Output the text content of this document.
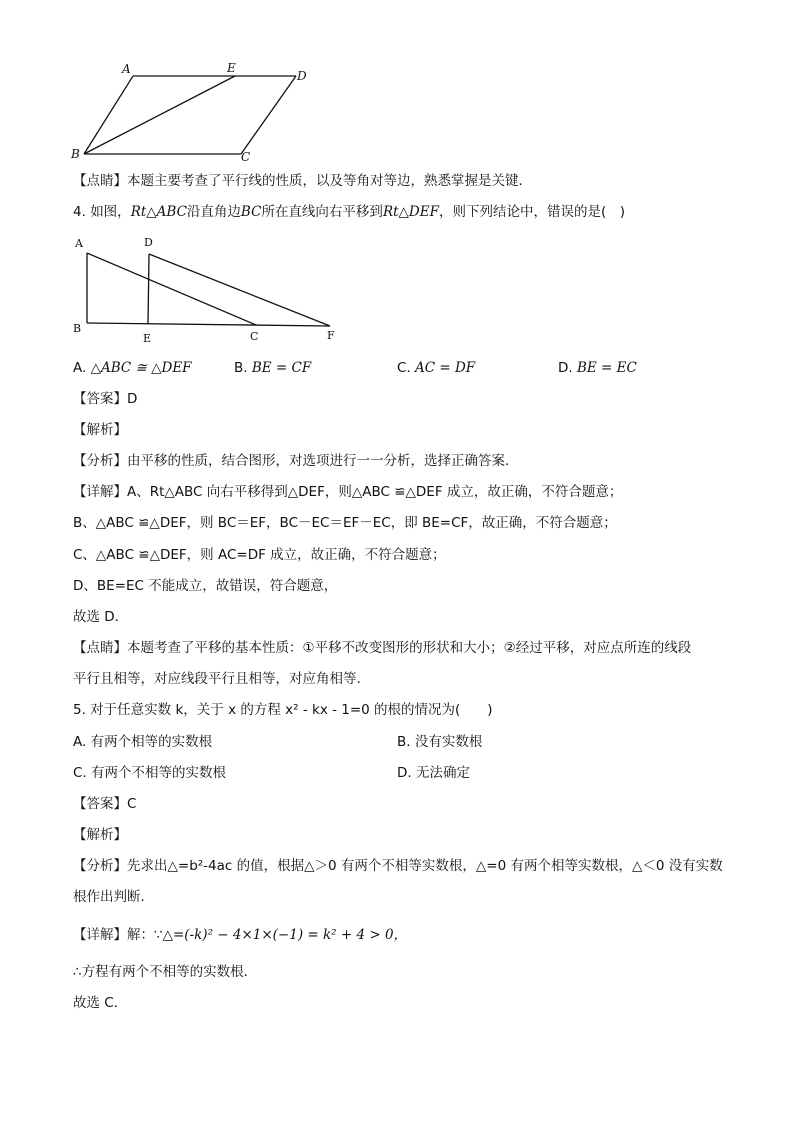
A	E
D
B	C
【点睛】本题主要考查了平行线的性质，以及等角对等边，熟悉掌握是关键．
4. 如图，Rt△ABC沿直角边BC所在直线向右平移到Rt△DEF，则下列结论中，错误的是(　)
A	D
B
E	C	F
A. △ABC ≅ △DEF	B. BE = CF	C. AC = DF	D. BE = EC
【答案】D
【解析】
【分析】由平移的性质，结合图形，对选项进行一一分析，选择正确答案．
【详解】A、Rt△ABC 向右平移得到△DEF，则△ABC ≌△DEF 成立，故正确，不符合题意；
B、△ABC ≌△DEF，则 BC＝EF，BC－EC＝EF－EC，即 BE=CF，故正确，不符合题意；
C、△ABC ≌△DEF，则 AC=DF 成立，故正确，不符合题意；
D、BE=EC 不能成立，故错误，符合题意，
故选 D．
【点睛】本题考查了平移的基本性质：①平移不改变图形的形状和大小；②经过平移，对应点所连的线段
平行且相等，对应线段平行且相等，对应角相等.
5. 对于任意实数 k，关于 x 的方程 x² - kx - 1=0 的根的情况为(　　)
A. 有两个相等的实数根	B. 没有实数根
C. 有两个不相等的实数根	D. 无法确定
【答案】C
【解析】
【分析】先求出△=b²-4ac 的值，根据△＞0 有两个不相等实数根，△=0 有两个相等实数根，△＜0 没有实数
根作出判断．
【详解】解：∵△=(-k)² − 4×1×(−1) = k² + 4 > 0，
∴方程有两个不相等的实数根．
故选 C．
